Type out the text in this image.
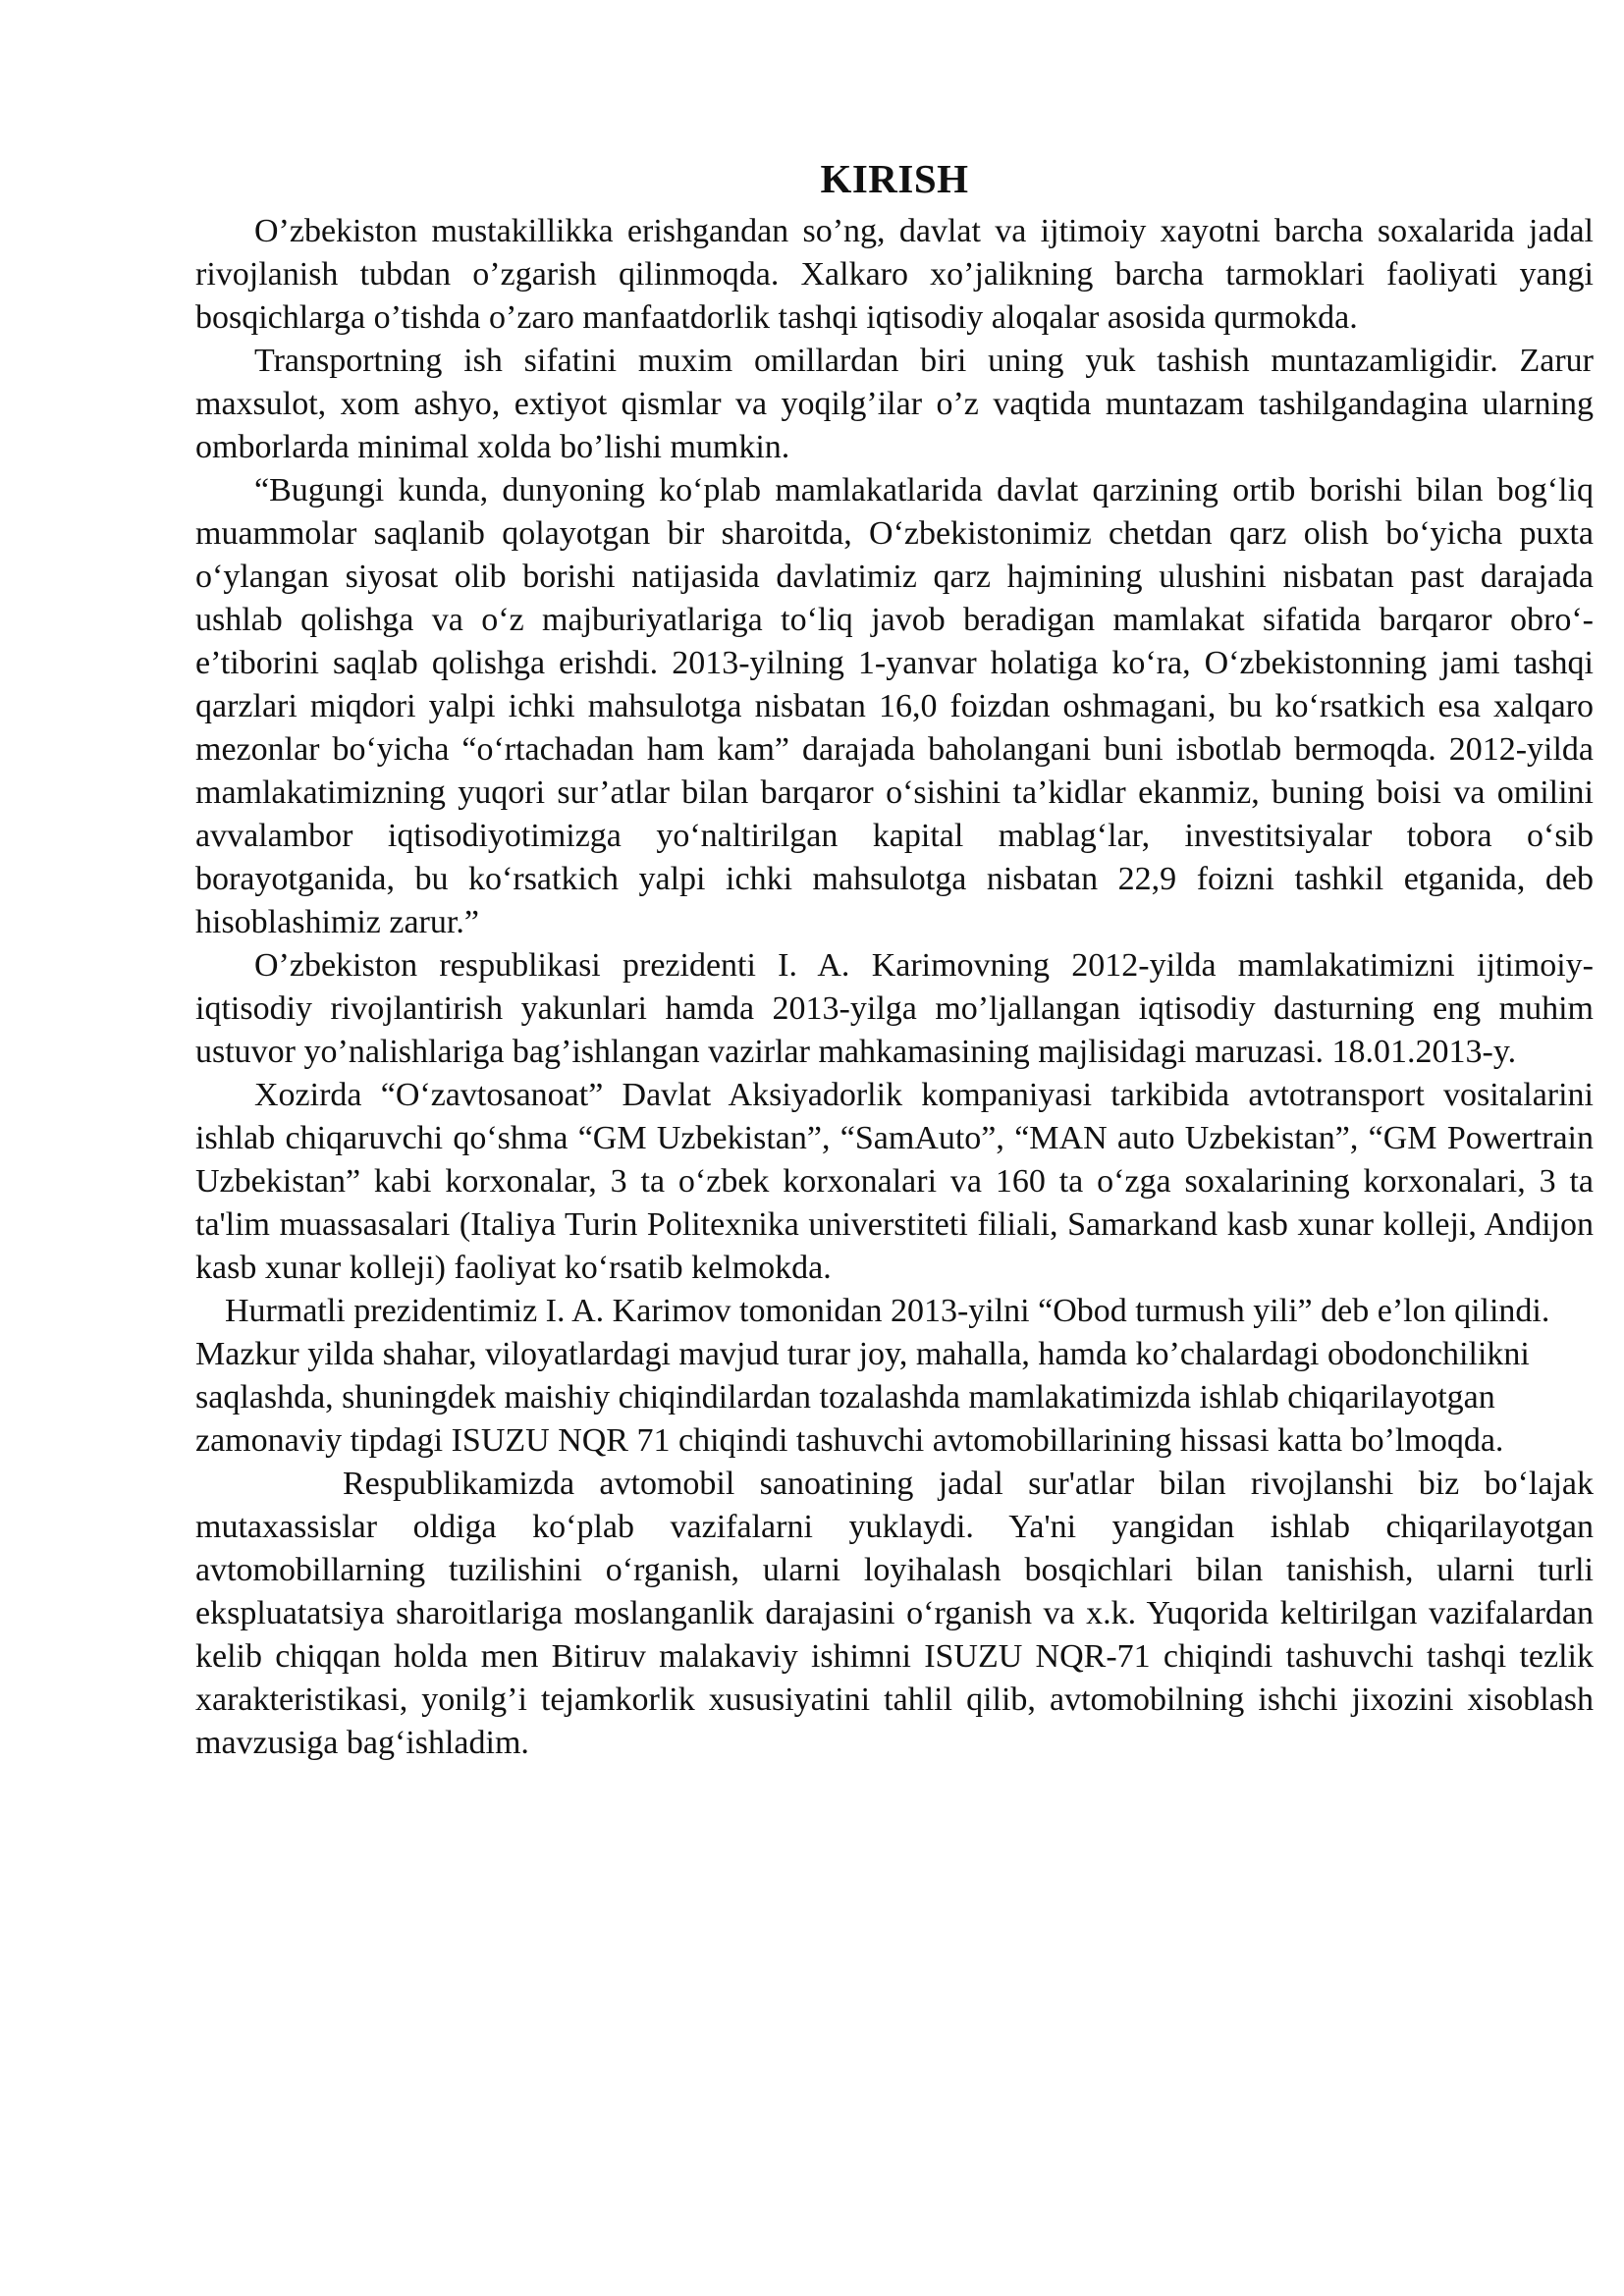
KIRISH

O’zbekiston mustakillikka erishgandan so’ng, davlat va ijtimoiy xayotni barcha soxalarida jadal rivojlanish tubdan o’zgarish qilinmoqda. Xalkaro xo’jalikning barcha tarmoklari faoliyati yangi bosqichlarga o’tishda o’zaro manfaatdorlik tashqi iqtisodiy aloqalar asosida qurmokda.

Transportning ish sifatini muxim omillardan biri uning yuk tashish muntazamligidir. Zarur maxsulot, xom ashyo, extiyot qismlar va yoqilg’ilar o’z vaqtida muntazam tashilgandagina ularning omborlarda minimal xolda bo’lishi mumkin.

“Bugungi kunda, dunyoning ko‘plab mamlakatlarida davlat qarzining ortib borishi bilan bog‘liq muammolar saqlanib qolayotgan bir sharoitda, O‘zbekistonimiz chetdan qarz olish bo‘yicha puxta o‘ylangan siyosat olib borishi natijasida davlatimiz qarz hajmining ulushini nisbatan past darajada ushlab qolishga va o‘z majburiyatlariga to‘liq javob beradigan mamlakat sifatida barqaror obro‘-e’tiborini saqlab qolishga erishdi. 2013-yilning 1-yanvar holatiga ko‘ra, O‘zbekistonning jami tashqi qarzlari miqdori yalpi ichki mahsulotga nisbatan 16,0 foizdan oshmagani, bu ko‘rsatkich esa xalqaro mezonlar bo‘yicha “o‘rtachadan ham kam” darajada baholangani buni isbotlab bermoqda. 2012-yilda mamlakatimizning yuqori sur’atlar bilan barqaror o‘sishini ta’kidlar ekanmiz, buning boisi va omilini avvalambor iqtisodiyotimizga yo‘naltirilgan kapital mablag‘lar, investitsiyalar tobora o‘sib borayotganida, bu ko‘rsatkich yalpi ichki mahsulotga nisbatan 22,9 foizni tashkil etganida, deb hisoblashimiz zarur.”

O’zbekiston respublikasi prezidenti I. A. Karimovning 2012-yilda mamlakatimizni ijtimoiy-iqtisodiy rivojlantirish yakunlari hamda 2013-yilga mo’ljallangan iqtisodiy dasturning eng muhim ustuvor yo’nalishlariga bag’ishlangan vazirlar mahkamasining majlisidagi maruzasi. 18.01.2013-y.

Xozirda “O‘zavtosanoat” Davlat Aksiyadorlik kompaniyasi tarkibida avtotransport vositalarini ishlab chiqaruvchi qo‘shma “GM Uzbekistan”, “SamAuto”, “MAN auto Uzbekistan”, “GM Powertrain Uzbekistan” kabi korxonalar, 3 ta o‘zbek korxonalari va 160 ta o‘zga soxalarining korxonalari, 3 ta ta'lim muassasalari (Italiya Turin Politexnika universtiteti filiali, Samarkand kasb xunar kolleji, Andijon kasb xunar kolleji) faoliyat ko‘rsatib kelmokda.

Hurmatli prezidentimiz I. A. Karimov tomonidan 2013-yilni “Obod turmush yili” deb e’lon qilindi. Mazkur yilda shahar, viloyatlardagi mavjud turar joy, mahalla, hamda ko’chalardagi obodonchilikni saqlashda, shuningdek maishiy chiqindilardan tozalashda mamlakatimizda ishlab chiqarilayotgan zamonaviy tipdagi ISUZU NQR 71 chiqindi tashuvchi avtomobillarining hissasi katta bo’lmoqda.

Respublikamizda avtomobil sanoatining jadal sur'atlar bilan rivojlanshi biz bo‘lajak mutaxassislar oldiga ko‘plab vazifalarni yuklaydi. Ya'ni yangidan ishlab chiqarilayotgan avtomobillarning tuzilishini o‘rganish, ularni loyihalash bosqichlari bilan tanishish, ularni turli ekspluatatsiya sharoitlariga moslanganlik darajasini o‘rganish va x.k. Yuqorida keltirilgan vazifalardan kelib chiqqan holda men Bitiruv malakaviy ishimni ISUZU NQR-71 chiqindi tashuvchi tashqi tezlik xarakteristikasi, yonilg’i tejamkorlik xususiyatini tahlil qilib, avtomobilning ishchi jixozini xisoblash mavzusiga bag‘ishladim.
